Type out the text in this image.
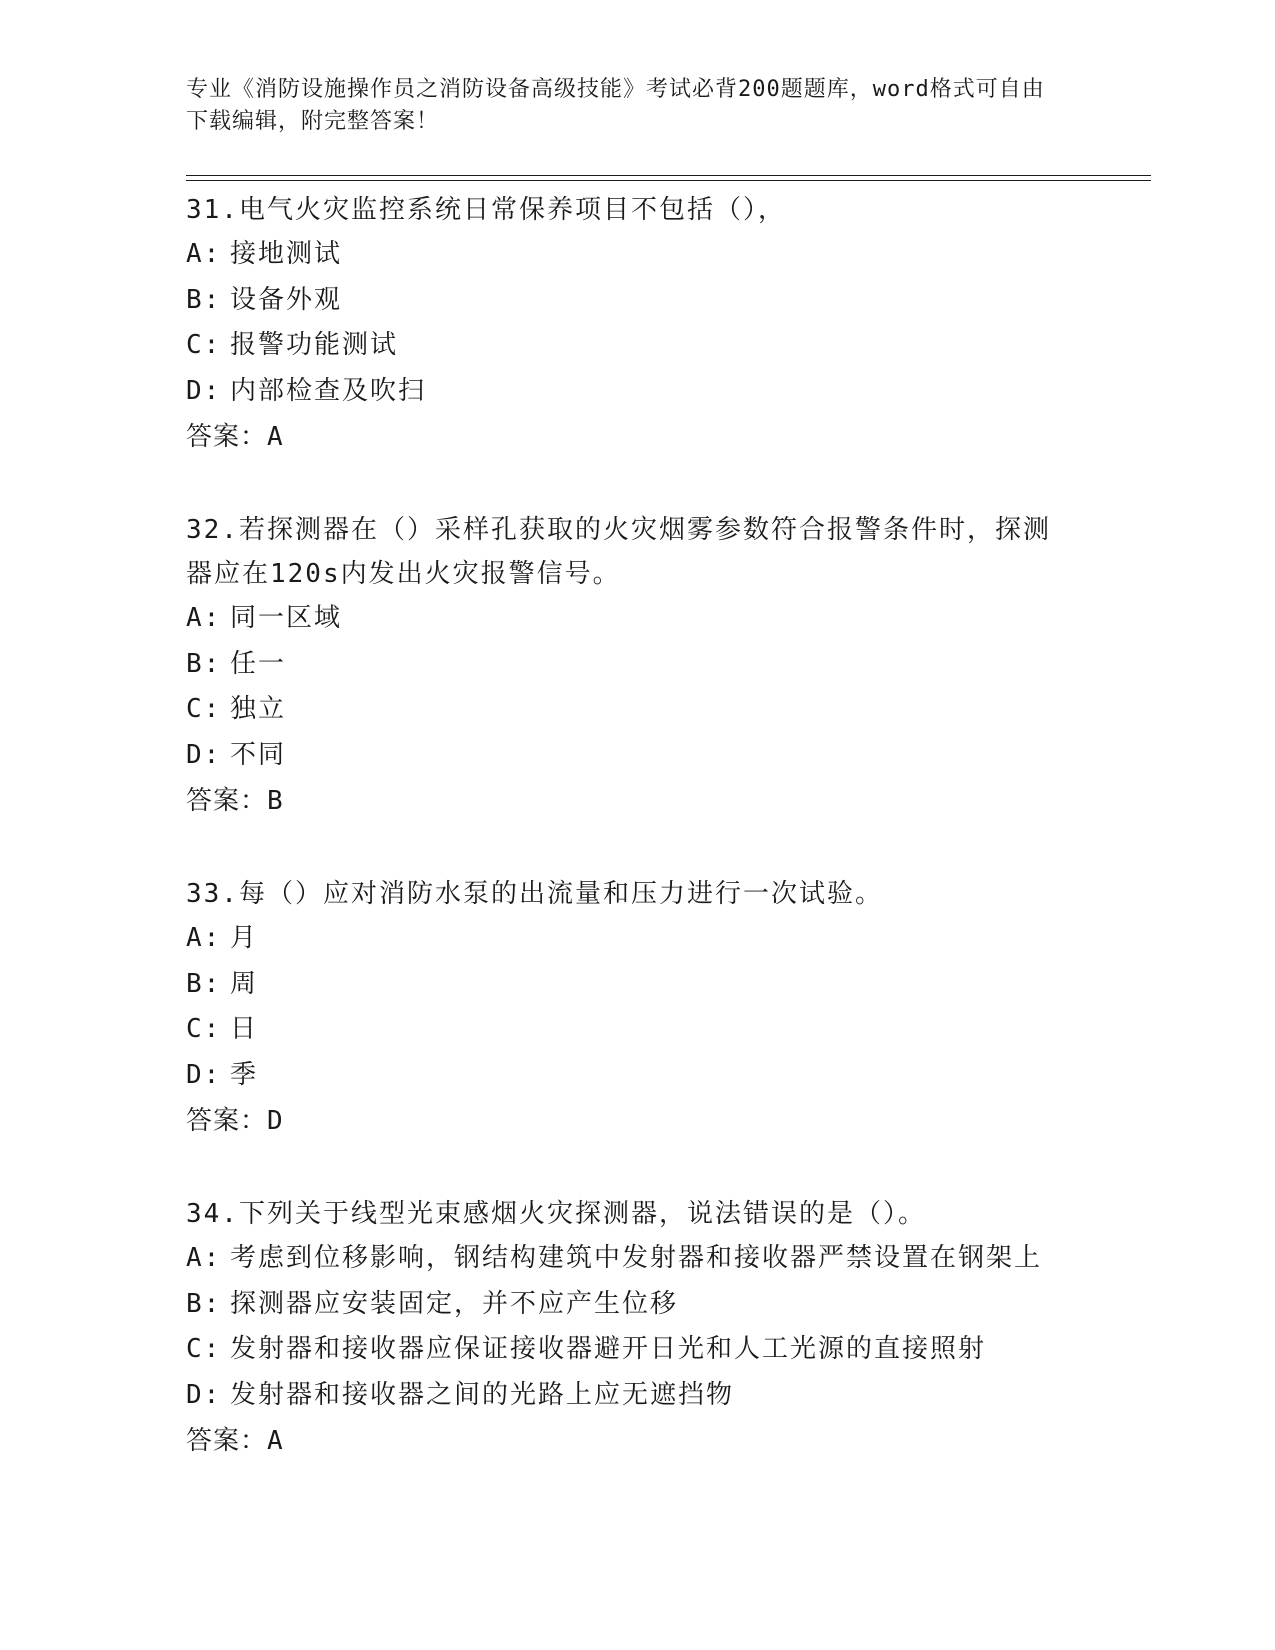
专业《消防设施操作员之消防设备高级技能》考试必背200题题库，word格式可自由下载编辑，附完整答案！
31.电气火灾监控系统日常保养项目不包括（），
A: 接地测试
B: 设备外观
C: 报警功能测试
D: 内部检查及吹扫
答案：A
32.若探测器在（）采样孔获取的火灾烟雾参数符合报警条件时，探测器应在120s内发出火灾报警信号。
A: 同一区域
B: 任一
C: 独立
D: 不同
答案：B
33.每（）应对消防水泵的出流量和压力进行一次试验。
A: 月
B: 周
C: 日
D: 季
答案：D
34.下列关于线型光束感烟火灾探测器，说法错误的是（）。
A: 考虑到位移影响，钢结构建筑中发射器和接收器严禁设置在钢架上
B: 探测器应安装固定，并不应产生位移
C: 发射器和接收器应保证接收器避开日光和人工光源的直接照射
D: 发射器和接收器之间的光路上应无遮挡物
答案：A
